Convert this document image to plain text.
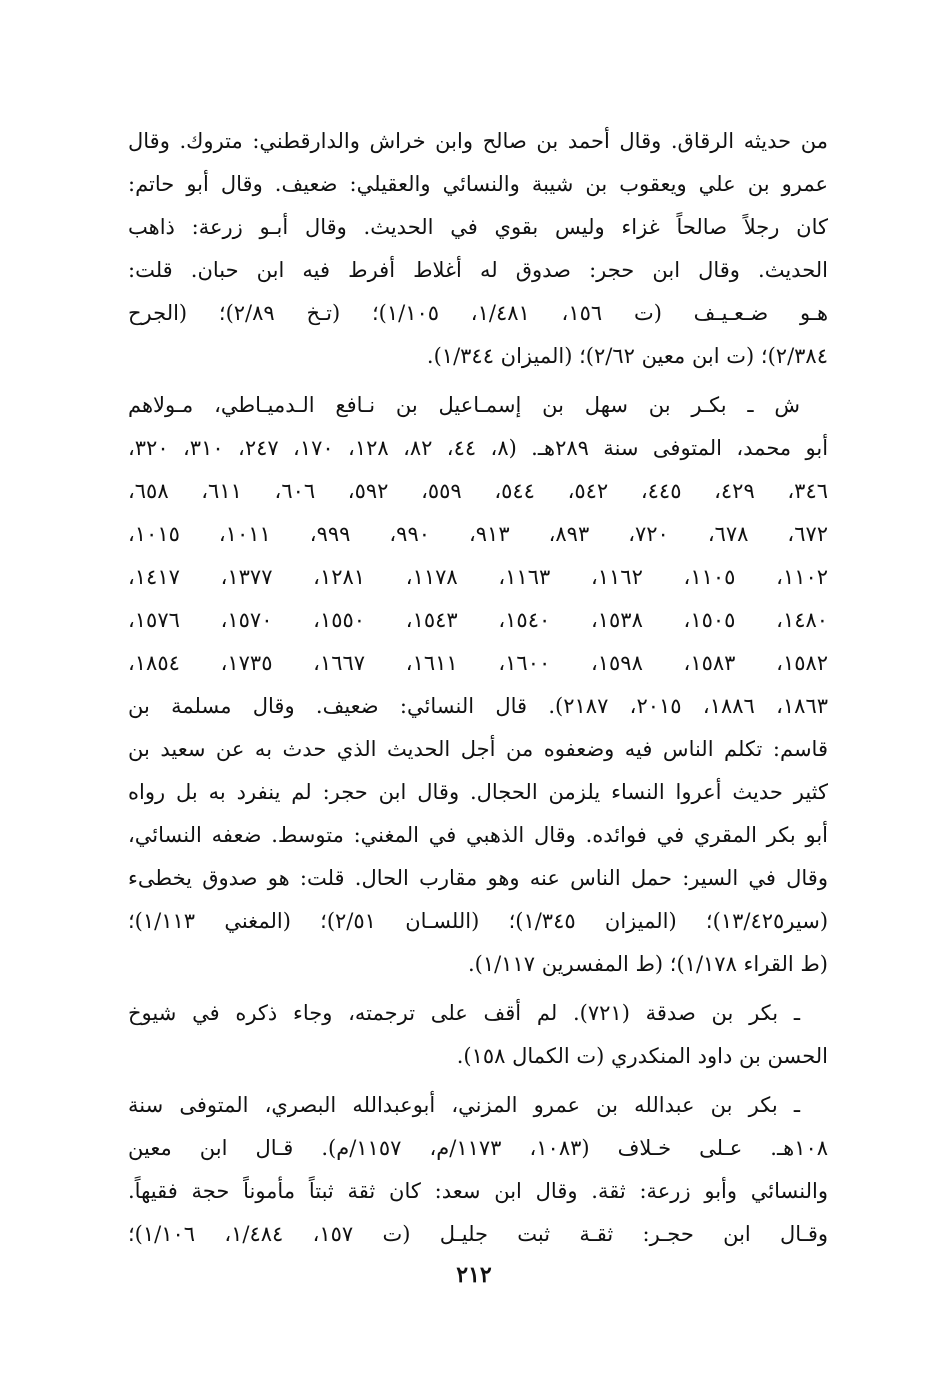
من حديثه الرقاق. وقال أحمد بن صالح وابن خراش والدارقطني: متروك. وقال
عمرو بن علي ويعقوب بن شيبة والنسائي والعقيلي: ضعيف. وقال أبو حاتم:
كان رجلاً صالحاً غزاء وليس بقوي في الحديث. وقال أبـو زرعة: ذاهب
الحديث. وقال ابن حجر: صدوق له أغلاط أفرط فيه ابن حبان. قلت:
هـو ضـعـيـف (ت ١٥٦، ١/٤٨١، ١/١٠٥)؛ (تـخ ٢/٨٩)؛ (الجرح
٢/٣٨٤)؛ (ت ابن معين ٢/٦٢)؛ (الميزان ١/٣٤٤).

ش ـ بكـر بن سهل بن إسمـاعيل بن نـافع الـدميـاطي، مـولاهم
أبو محمد، المتوفى سنة ٢٨٩هـ. (٨، ٤٤، ٨٢، ١٢٨، ١٧٠، ٢٤٧، ٣١٠، ٣٢٠،
٣٤٦، ٤٢٩، ٤٤٥، ٥٤٢، ٥٤٤، ٥٥٩، ٥٩٢، ٦٠٦، ٦١١، ٦٥٨،
٦٧٢، ٦٧٨، ٧٢٠، ٨٩٣، ٩١٣، ٩٩٠، ٩٩٩، ١٠١١، ١٠١٥،
١١٠٢، ١١٠٥، ١١٦٢، ١١٦٣، ١١٧٨، ١٢٨١، ١٣٧٧، ١٤١٧،
١٤٨٠، ١٥٠٥، ١٥٣٨، ١٥٤٠، ١٥٤٣، ١٥٥٠، ١٥٧٠، ١٥٧٦،
١٥٨٢، ١٥٨٣، ١٥٩٨، ١٦٠٠، ١٦١١، ١٦٦٧، ١٧٣٥، ١٨٥٤،
١٨٦٣، ١٨٨٦، ٢٠١٥، ٢١٨٧). قال النسائي: ضعيف. وقال مسلمة بن
قاسم: تكلم الناس فيه وضعفوه من أجل الحديث الذي حدث به عن سعيد بن
كثير حديث أعروا النساء يلزمن الحجال. وقال ابن حجر: لم ينفرد به بل رواه
أبو بكر المقري في فوائده. وقال الذهبي في المغني: متوسط. ضعفه النسائي،
وقال في السير: حمل الناس عنه وهو مقارب الحال. قلت: هو صدوق يخطىء
(سير١٣/٤٢٥)؛ (الميزان ١/٣٤٥)؛ (اللسـان ٢/٥١)؛ (المغني ١/١١٣)؛
(ط القراء ١/١٧٨)؛ (ط المفسرين ١/١١٧).

ـ بكر بن صدقة (٧٢١). لم أقف على ترجمته، وجاء ذكره في شيوخ
الحسن بن داود المنكدري (ت الكمال ١٥٨).

ـ بكر بن عبدالله بن عمرو المزني، أبوعبدالله البصري، المتوفى سنة
١٠٨هـ. عـلى خـلاف (١٠٨٣، ١١٧٣/م، ١١٥٧/م). قـال ابن معين
والنسائي وأبو زرعة: ثقة. وقال ابن سعد: كان ثقة ثبتاً مأموناً حجة فقيهاً.
وقـال ابن حجـر: ثقـة ثبت جليـل (ت ١٥٧، ١/٤٨٤، ١/١٠٦)؛

٢١٢
